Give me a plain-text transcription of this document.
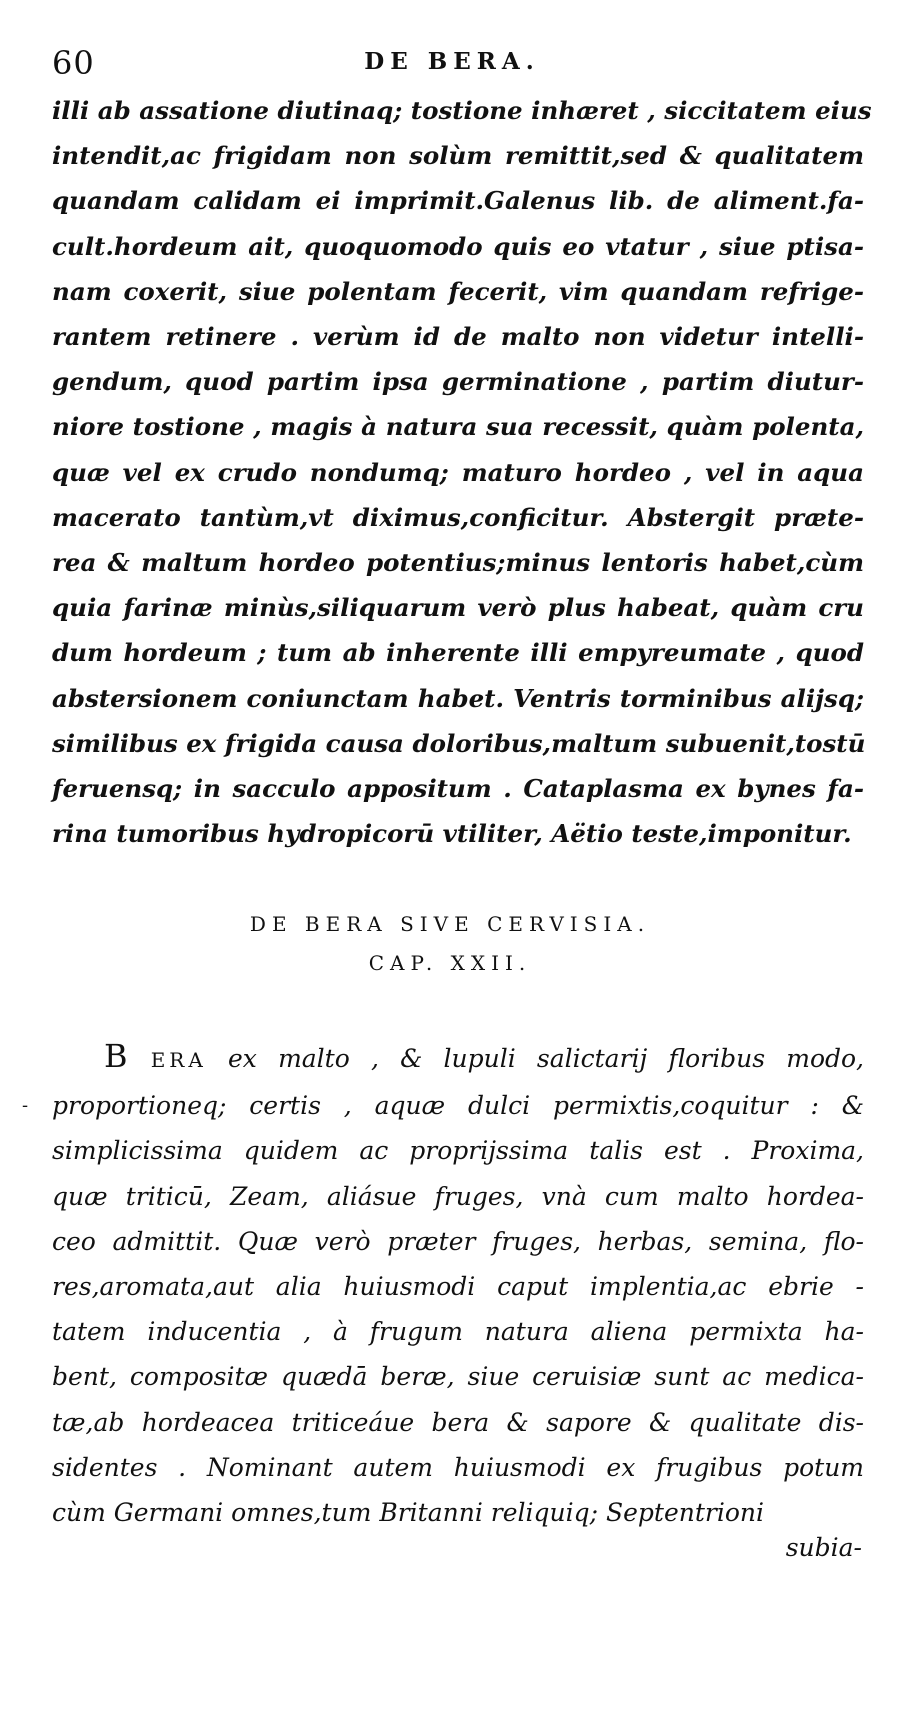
60	DE BERA.
illi ab assatione diutinaq; tostione inhæret , siccitatem eius
intendit,ac frigidam non solùm remittit,sed & qualitatem
quandam calidam ei imprimit.Galenus lib. de aliment.fa-
cult.hordeum ait, quoquomodo quis eo vtatur , siue ptisa-
nam coxerit, siue polentam fecerit, vim quandam refrige-
rantem retinere . verùm id de malto non videtur intelli-
gendum, quod partim ipsa germinatione , partim diutur-
niore tostione , magis à natura sua recessit, quàm polenta,
quæ vel ex crudo nondumq; maturo hordeo , vel in aqua
macerato tantùm,vt diximus,conficitur. Abstergit præte-
rea & maltum hordeo potentius;minus lentoris habet,cùm
quia farinæ minùs,siliquarum verò plus habeat, quàm cru
dum hordeum ; tum ab inherente illi empyreumate , quod
abstersionem coniunctam habet. Ventris torminibus alijsq;
similibus ex frigida causa doloribus,maltum subuenit,tostū
feruensq; in sacculo appositum . Cataplasma ex bynes fa-
rina tumoribus hydropicorū vtiliter, Aëtio teste,imponitur.
DE BERA SIVE CERVISIA.
CAP. XXII.
B ERA ex malto , & lupuli salictarij floribus modo,
proportioneq; certis , aquæ dulci permixtis,coquitur : &
simplicissima quidem ac proprijssima talis est . Proxima,
quæ triticū, Zeam, aliásue fruges, vnà cum malto hordea-
ceo admittit. Quæ verò præter fruges, herbas, semina, flo-
res,aromata,aut alia huiusmodi caput implentia,ac ebrie -
tatem inducentia , à frugum natura aliena permixta ha-
bent, compositæ quædā beræ, siue ceruisiæ sunt ac medica-
tæ,ab hordeacea triticeáue bera & sapore & qualitate dis-
sidentes . Nominant autem huiusmodi ex frugibus potum
cùm Germani omnes,tum Britanni reliquiq; Septentrioni
-
subia-
